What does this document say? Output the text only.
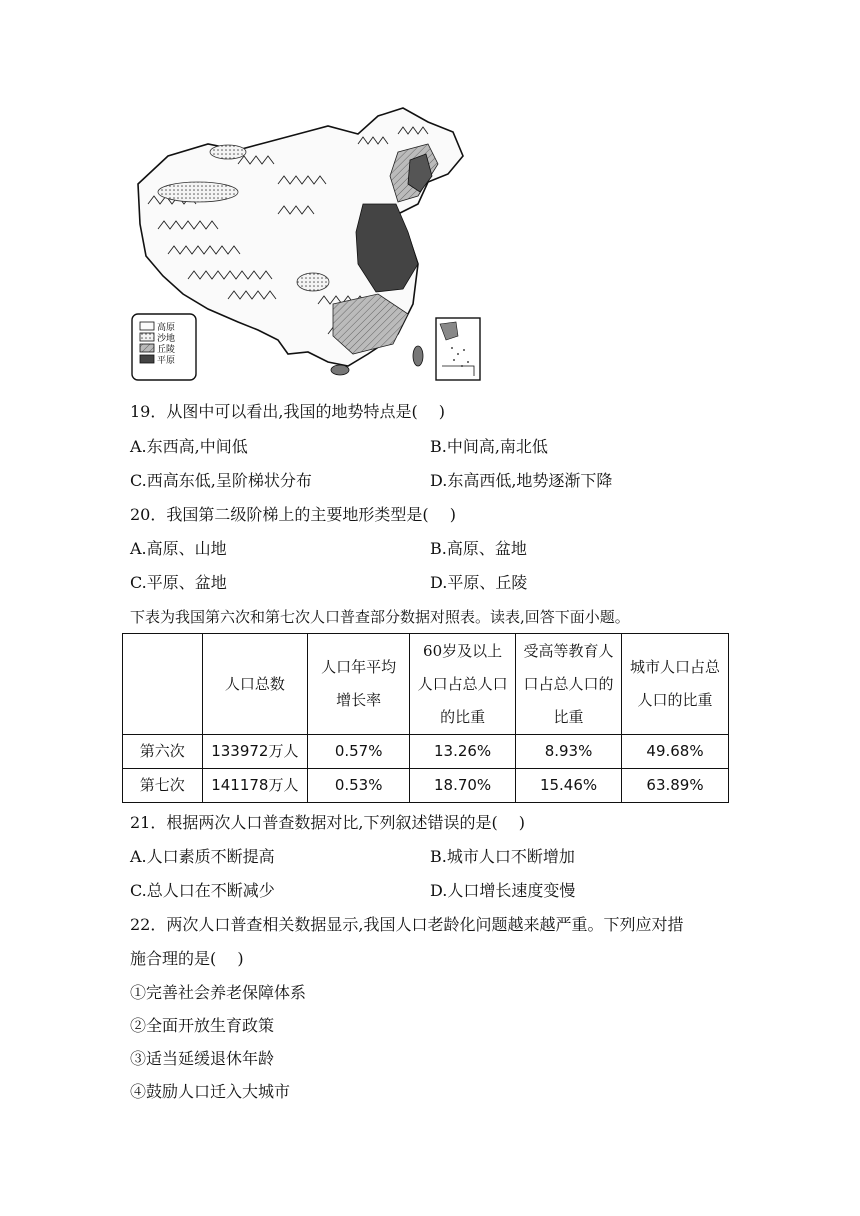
高原
沙地
丘陵
平原
19．从图中可以看出,我国的地势特点是(　 )
A.东西高,中间低	B.中间高,南北低
C.西高东低,呈阶梯状分布	D.东高西低,地势逐渐下降
20．我国第二级阶梯上的主要地形类型是(　 )
A.高原、山地	B.高原、盆地
C.平原、盆地	D.平原、丘陵
下表为我国第六次和第七次人口普查部分数据对照表。读表,回答下面小题。
	人口总数	人口年平均增长率	60岁及以上人口占总人口的比重	受高等教育人口占总人口的比重	城市人口占总人口的比重
第六次	133972万人	0.57%	13.26%	8.93%	49.68%
第七次	141178万人	0.53%	18.70%	15.46%	63.89%
21．根据两次人口普查数据对比,下列叙述错误的是(　 )
A.人口素质不断提高	B.城市人口不断增加
C.总人口在不断减少	D.人口增长速度变慢
22．两次人口普查相关数据显示,我国人口老龄化问题越来越严重。下列应对措
施合理的是(　 )
①完善社会养老保障体系
②全面开放生育政策
③适当延缓退休年龄
④鼓励人口迁入大城市
